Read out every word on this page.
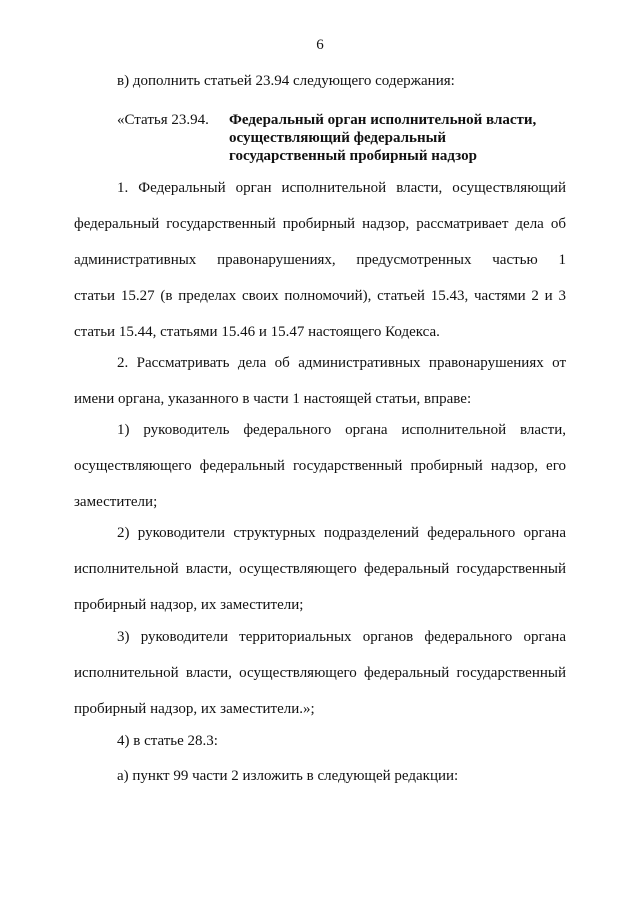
6
в) дополнить статьей 23.94 следующего содержания:
«Статья 23.94. Федеральный орган исполнительной власти, осуществляющий федеральный государственный пробирный надзор
1. Федеральный орган исполнительной власти, осуществляющий
федеральный государственный пробирный надзор, рассматривает дела об
административных правонарушениях, предусмотренных частью 1
статьи 15.27 (в пределах своих полномочий), статьей 15.43, частями 2 и 3
статьи 15.44, статьями 15.46 и 15.47 настоящего Кодекса.
2. Рассматривать дела об административных правонарушениях от
имени органа, указанного в части 1 настоящей статьи, вправе:
1) руководитель федерального органа исполнительной власти,
осуществляющего федеральный государственный пробирный надзор, его
заместители;
2) руководители структурных подразделений федерального органа
исполнительной власти, осуществляющего федеральный государственный
пробирный надзор, их заместители;
3) руководители территориальных органов федерального органа
исполнительной власти, осуществляющего федеральный государственный
пробирный надзор, их заместители.»;
4) в статье 28.3:
а) пункт 99 части 2 изложить в следующей редакции:
